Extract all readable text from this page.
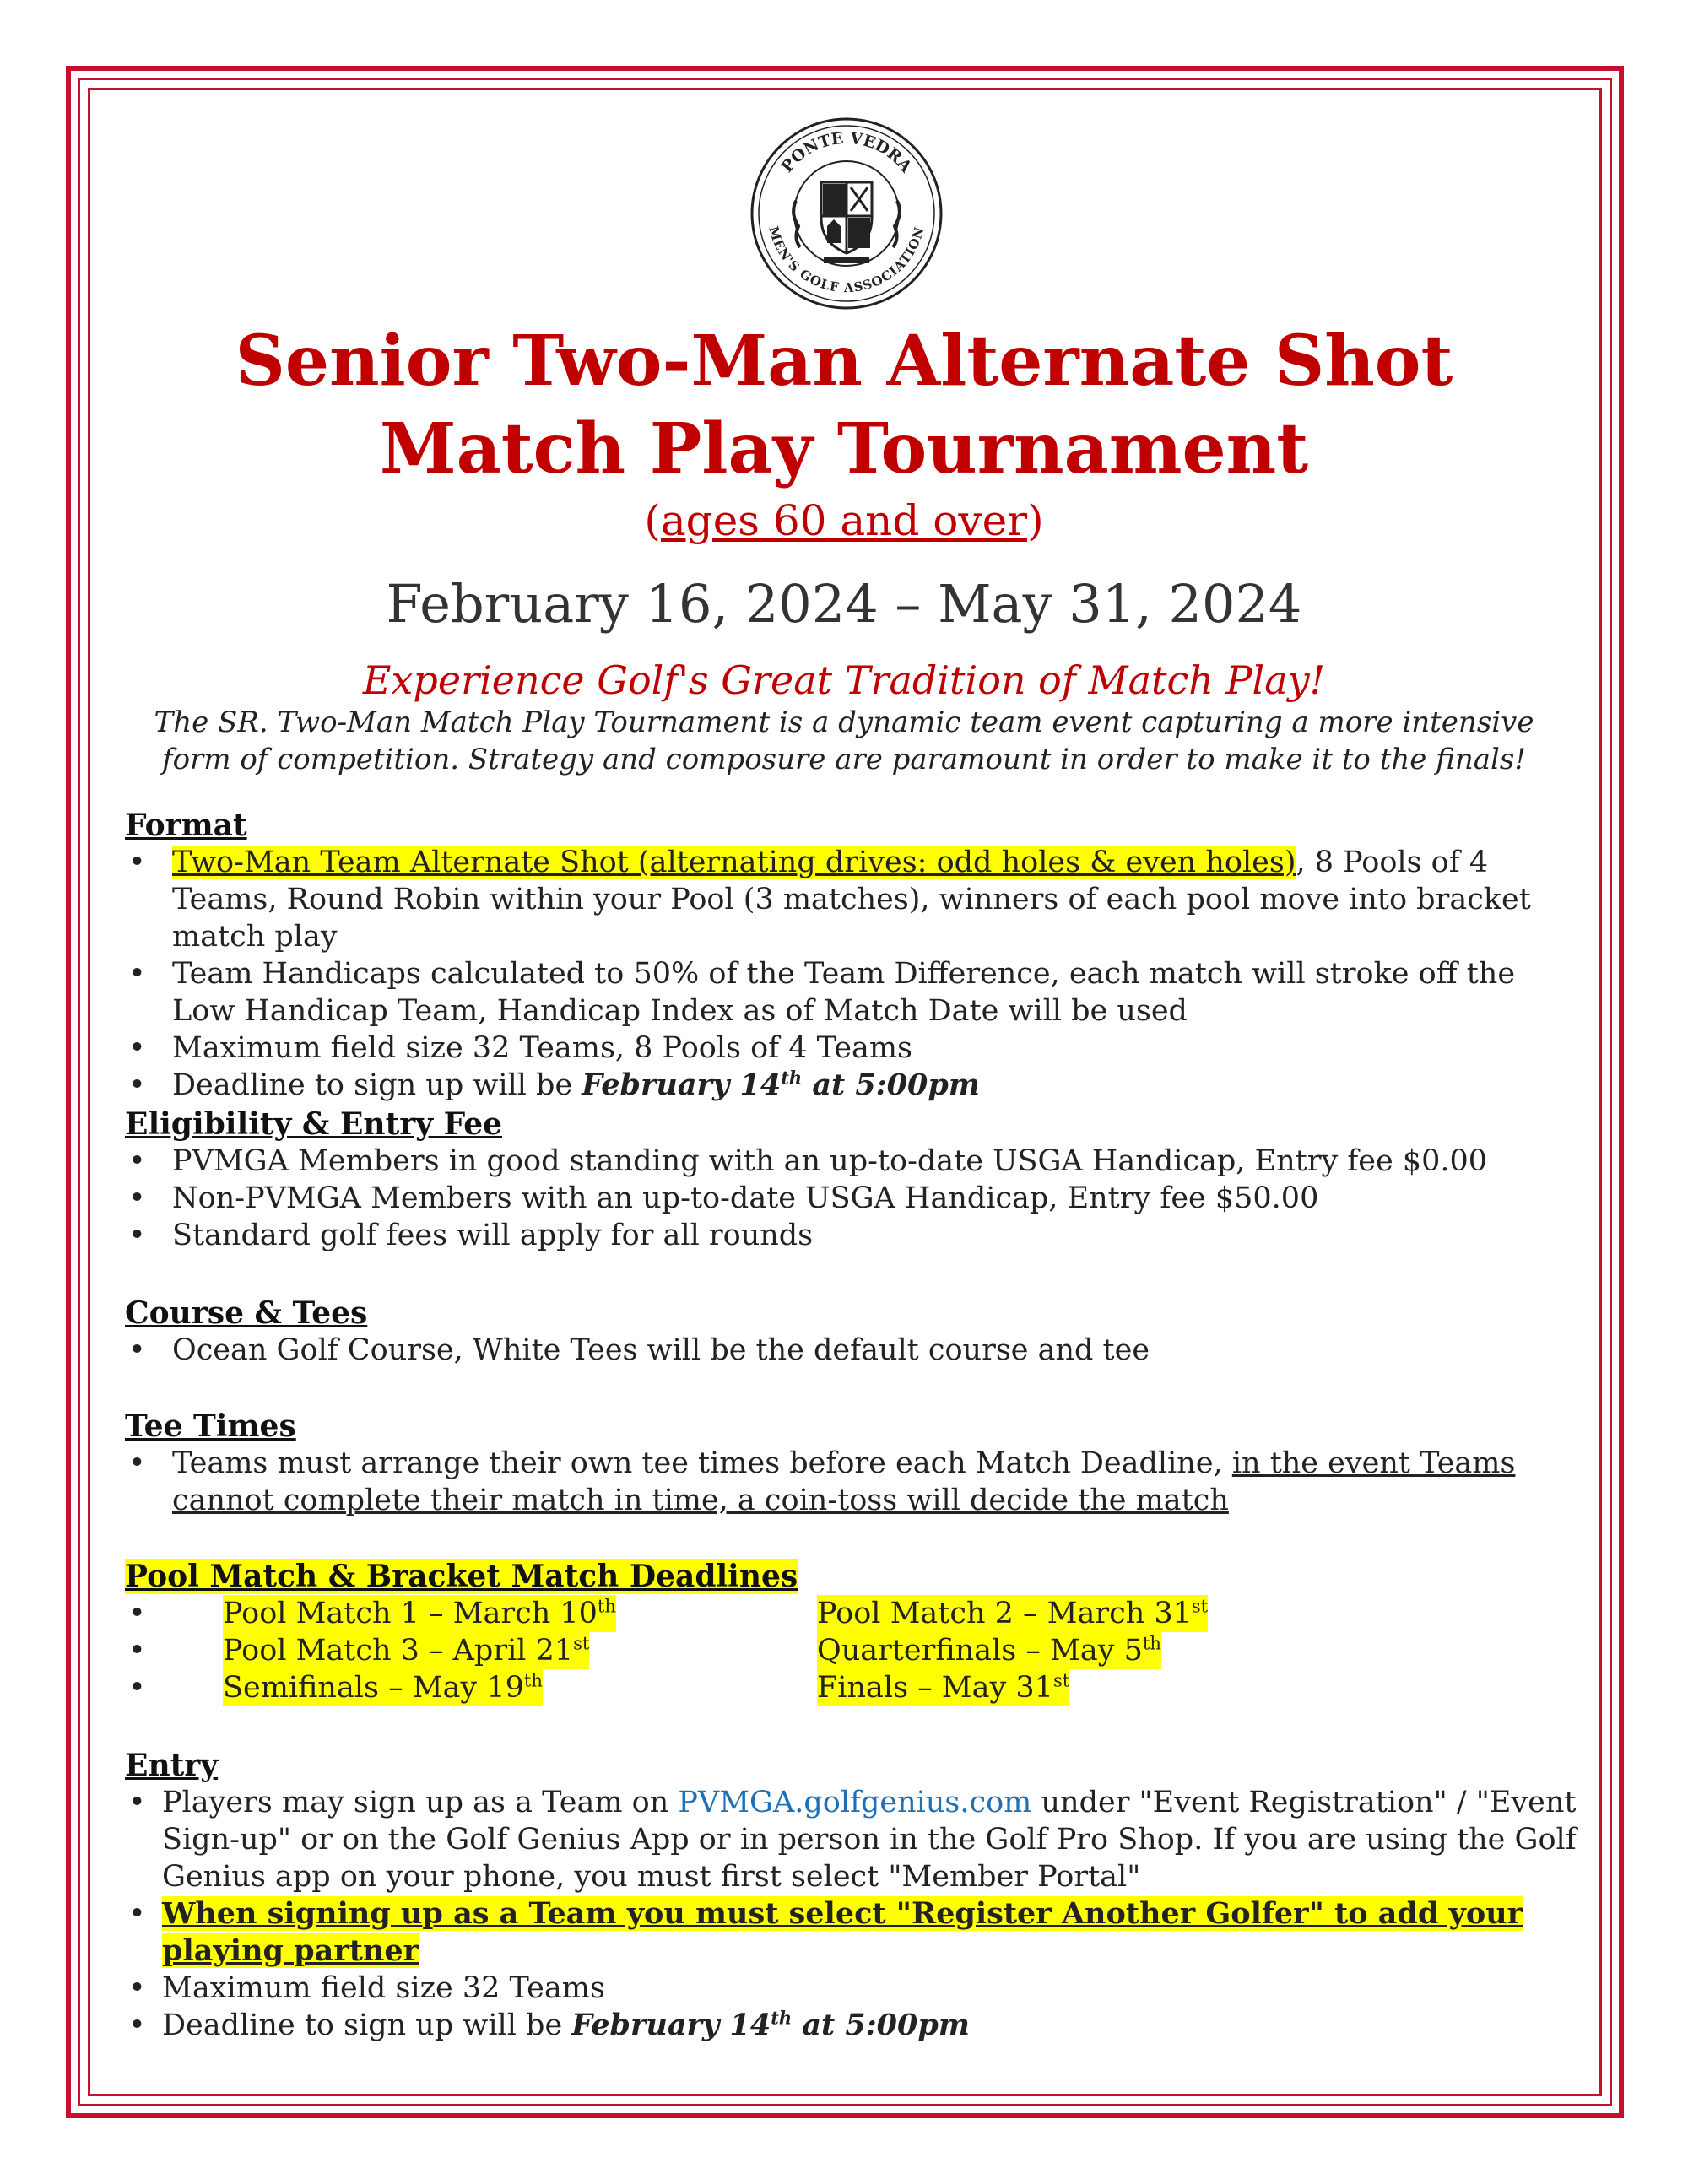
PONTE VEDRA
MEN'S GOLF ASSOCIATION
Senior Two-Man Alternate Shot
Match Play Tournament
(ages 60 and over)
February 16, 2024 – May 31, 2024
Experience Golf's Great Tradition of Match Play!
The SR. Two-Man Match Play Tournament is a dynamic team event capturing a more intensive
form of competition. Strategy and composure are paramount in order to make it to the finals!
Format
• Two-Man Team Alternate Shot (alternating drives: odd holes & even holes), 8 Pools of 4 Teams, Round Robin within your Pool (3 matches), winners of each pool move into bracket match play
• Team Handicaps calculated to 50% of the Team Difference, each match will stroke off the Low Handicap Team, Handicap Index as of Match Date will be used
• Maximum field size 32 Teams, 8 Pools of 4 Teams
• Deadline to sign up will be February 14th at 5:00pm
Eligibility & Entry Fee
• PVMGA Members in good standing with an up-to-date USGA Handicap, Entry fee $0.00
• Non-PVMGA Members with an up-to-date USGA Handicap, Entry fee $50.00
• Standard golf fees will apply for all rounds
Course & Tees
• Ocean Golf Course, White Tees will be the default course and tee
Tee Times
• Teams must arrange their own tee times before each Match Deadline, in the event Teams cannot complete their match in time, a coin-toss will decide the match
Pool Match & Bracket Match Deadlines
•	Pool Match 1 – March 10th	Pool Match 2 – March 31st
•	Pool Match 3 – April 21st	Quarterfinals – May 5th
•	Semifinals – May 19th	Finals – May 31st
Entry
• Players may sign up as a Team on PVMGA.golfgenius.com under "Event Registration" / "Event Sign-up" or on the Golf Genius App or in person in the Golf Pro Shop. If you are using the Golf Genius app on your phone, you must first select "Member Portal"
• When signing up as a Team you must select "Register Another Golfer" to add your playing partner
• Maximum field size 32 Teams
• Deadline to sign up will be February 14th at 5:00pm
